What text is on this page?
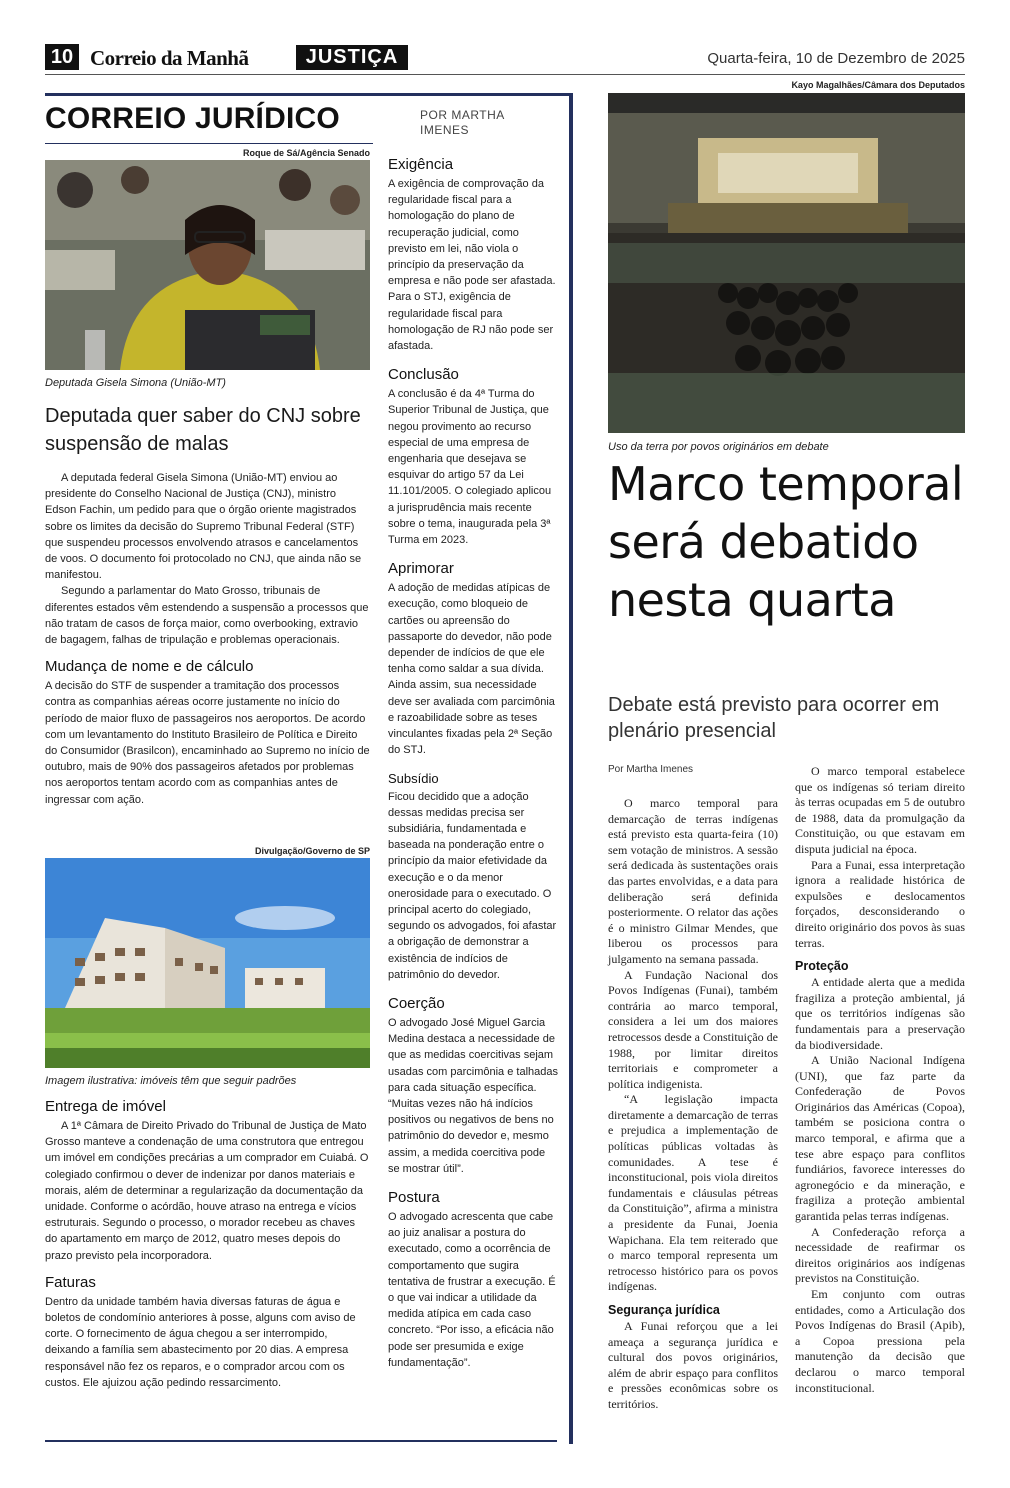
10 Correio da Manhã	JUSTIÇA	Quarta-feira, 10 de Dezembro de 2025
CORREIO JURÍDICO	POR MARTHA IMENES
Roque de Sá/Agência Senado
Deputada Gisela Simona (União-MT)
Deputada quer saber do CNJ sobre suspensão de malas

A deputada federal Gisela Simona (União-MT) enviou ao presidente do Conselho Nacional de Justiça (CNJ), ministro Edson Fachin, um pedido para que o órgão oriente magistrados sobre os limites da decisão do Supremo Tribunal Federal (STF) que suspendeu processos envolvendo atrasos e cancelamentos de voos. O documento foi protocolado no CNJ, que ainda não se manifestou.

Segundo a parlamentar do Mato Grosso, tribunais de diferentes estados vêm estendendo a suspensão a processos que não tratam de casos de força maior, como overbooking, extravio de bagagem, falhas de tripulação e problemas operacionais.

Mudança de nome e de cálculo

A decisão do STF de suspender a tramitação dos processos contra as companhias aéreas ocorre justamente no início do período de maior fluxo de passageiros nos aeroportos. De acordo com um levantamento do Instituto Brasileiro de Política e Direito do Consumidor (Brasilcon), encaminhado ao Supremo no início de outubro, mais de 90% dos passageiros afetados por problemas nos aeroportos tentam acordo com as companhias antes de ingressar com ação.

Divulgação/Governo de SP
Imagem ilustrativa: imóveis têm que seguir padrões
Entrega de imóvel

A 1ª Câmara de Direito Privado do Tribunal de Justiça de Mato Grosso manteve a condenação de uma construtora que entregou um imóvel em condições precárias a um comprador em Cuiabá. O colegiado confirmou o dever de indenizar por danos materiais e morais, além de determinar a regularização da documentação da unidade. Conforme o acórdão, houve atraso na entrega e vícios estruturais. Segundo o processo, o morador recebeu as chaves do apartamento em março de 2012, quatro meses depois do prazo previsto pela incorporadora.

Faturas

Dentro da unidade também havia diversas faturas de água e boletos de condomínio anteriores à posse, alguns com aviso de corte. O fornecimento de água chegou a ser interrompido, deixando a família sem abastecimento por 20 dias. A empresa responsável não fez os reparos, e o comprador arcou com os custos. Ele ajuizou ação pedindo ressarcimento.

Exigência

A exigência de comprovação da regularidade fiscal para a homologação do plano de recuperação judicial, como previsto em lei, não viola o princípio da preservação da empresa e não pode ser afastada. Para o STJ, exigência de regularidade fiscal para homologação de RJ não pode ser afastada.

Conclusão

A conclusão é da 4ª Turma do Superior Tribunal de Justiça, que negou provimento ao recurso especial de uma empresa de engenharia que desejava se esquivar do artigo 57 da Lei 11.101/2005. O colegiado aplicou a jurisprudência mais recente sobre o tema, inaugurada pela 3ª Turma em 2023.

Aprimorar

A adoção de medidas atípicas de execução, como bloqueio de cartões ou apreensão do passaporte do devedor, não pode depender de indícios de que ele tenha como saldar a sua dívida. Ainda assim, sua necessidade deve ser avaliada com parcimônia e razoabilidade sobre as teses vinculantes fixadas pela 2ª Seção do STJ.

Subsídio

Ficou decidido que a adoção dessas medidas precisa ser subsidiária, fundamentada e baseada na ponderação entre o princípio da maior efetividade da execução e o da menor onerosidade para o executado. O principal acerto do colegiado, segundo os advogados, foi afastar a obrigação de demonstrar a existência de indícios de patrimônio do devedor.

Coerção

O advogado José Miguel Garcia Medina destaca a necessidade de que as medidas coercitivas sejam usadas com parcimônia e talhadas para cada situação específica. “Muitas vezes não há indícios positivos ou negativos de bens no patrimônio do devedor e, mesmo assim, a medida coercitiva pode se mostrar útil”.

Postura

O advogado acrescenta que cabe ao juiz analisar a postura do executado, como a ocorrência de comportamento que sugira tentativa de frustrar a execução. É o que vai indicar a utilidade da medida atípica em cada caso concreto. “Por isso, a eficácia não pode ser presumida e exige fundamentação”.

Kayo Magalhães/Câmara dos Deputados
Uso da terra por povos originários em debate
Marco temporal será debatido nesta quarta
Debate está previsto para ocorrer em plenário presencial
Por Martha Imenes

O marco temporal para demarcação de terras indígenas está previsto esta quarta-feira (10) sem votação de ministros. A sessão será dedicada às sustentações orais das partes envolvidas, e a data para deliberação será definida posteriormente. O relator das ações é o ministro Gilmar Mendes, que liberou os processos para julgamento na semana passada.

A Fundação Nacional dos Povos Indígenas (Funai), também contrária ao marco temporal, considera a lei um dos maiores retrocessos desde a Constituição de 1988, por limitar direitos territoriais e comprometer a política indigenista.

“A legislação impacta diretamente a demarcação de terras e prejudica a implementação de políticas públicas voltadas às comunidades. A tese é inconstitucional, pois viola direitos fundamentais e cláusulas pétreas da Constituição”, afirma a ministra a presidente da Funai, Joenia Wapichana. Ela tem reiterado que o marco temporal representa um retrocesso histórico para os povos indígenas.

Segurança jurídica

A Funai reforçou que a lei ameaça a segurança jurídica e cultural dos povos originários, além de abrir espaço para conflitos e pressões econômicas sobre os territórios.

O marco temporal estabelece que os indígenas só teriam direito às terras ocupadas em 5 de outubro de 1988, data da promulgação da Constituição, ou que estavam em disputa judicial na época.

Para a Funai, essa interpretação ignora a realidade histórica de expulsões e deslocamentos forçados, desconsiderando o direito originário dos povos às suas terras.

Proteção

A entidade alerta que a medida fragiliza a proteção ambiental, já que os territórios indígenas são fundamentais para a preservação da biodiversidade.

A União Nacional Indígena (UNI), que faz parte da Confederação de Povos Originários das Américas (Copoa), também se posiciona contra o marco temporal, e afirma que a tese abre espaço para conflitos fundiários, favorece interesses do agronegócio e da mineração, e fragiliza a proteção ambiental garantida pelas terras indígenas.

A Confederação reforça a necessidade de reafirmar os direitos originários aos indígenas previstos na Constituição.

Em conjunto com outras entidades, como a Articulação dos Povos Indígenas do Brasil (Apib), a Copoa pressiona pela manutenção da decisão que declarou o marco temporal inconstitucional.
